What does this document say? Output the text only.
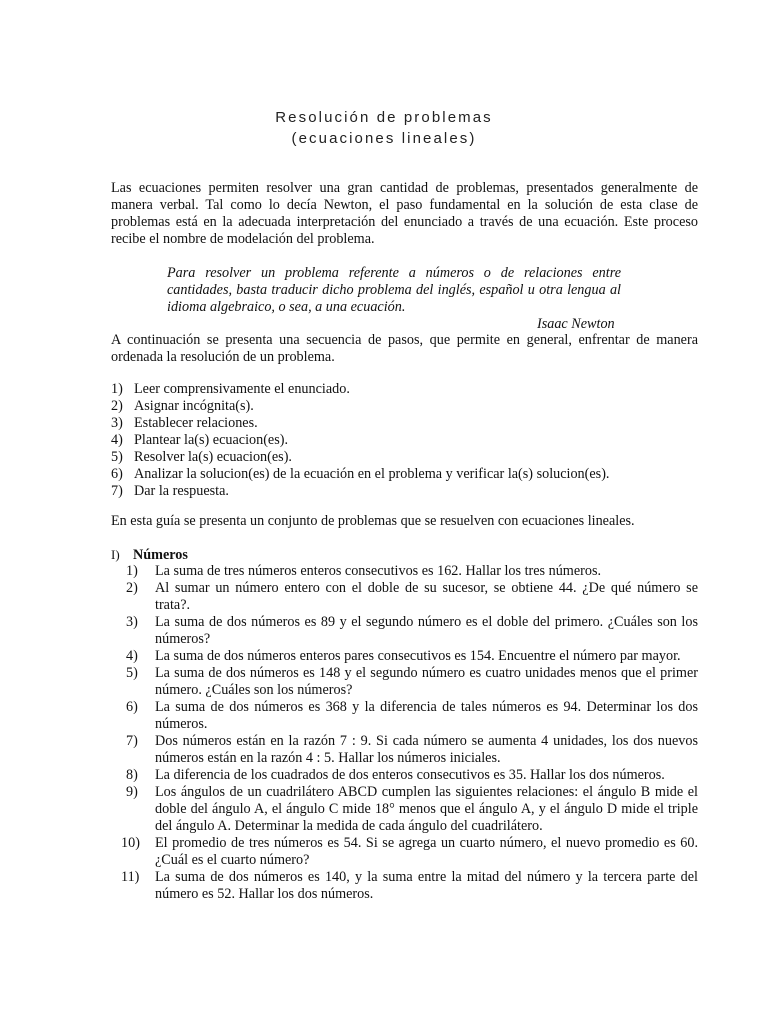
Resolución de problemas
(ecuaciones lineales)

Las ecuaciones permiten resolver una gran cantidad de problemas, presentados generalmente de manera verbal. Tal como lo decía Newton, el paso fundamental en la solución de esta clase de problemas está en la adecuada interpretación del enunciado a través de una ecuación. Este proceso recibe el nombre de modelación del problema.

Para resolver un problema referente a números o de relaciones entre cantidades, basta traducir dicho problema del inglés, español u otra lengua al idioma algebraico, o sea, a una ecuación.

Isaac Newton

A continuación se presenta una secuencia de pasos, que permite en general, enfrentar de manera ordenada la resolución de un problema.

1) Leer comprensivamente el enunciado.
2) Asignar incógnita(s).
3) Establecer relaciones.
4) Plantear la(s) ecuacion(es).
5) Resolver la(s) ecuacion(es).
6) Analizar la solucion(es) de la ecuación en el problema y verificar la(s) solucion(es).
7) Dar la respuesta.

En esta guía se presenta un conjunto de problemas que se resuelven con ecuaciones lineales.

I) Números
1) La suma de tres números enteros consecutivos es 162. Hallar los tres números.
2) Al sumar un número entero con el doble de su sucesor, se obtiene 44. ¿De qué número se trata?.
3) La suma de dos números es 89 y el segundo número es el doble del primero. ¿Cuáles son los números?
4) La suma de dos números enteros pares consecutivos es 154. Encuentre el número par mayor.
5) La suma de dos números es 148 y el segundo número es cuatro unidades menos que el primer número. ¿Cuáles son los números?
6) La suma de dos números es 368 y la diferencia de tales números es 94. Determinar los dos números.
7) Dos números están en la razón 7 : 9. Si cada número se aumenta 4 unidades, los dos nuevos números están en la razón 4 : 5. Hallar los números iniciales.
8) La diferencia de los cuadrados de dos enteros consecutivos es 35. Hallar los dos números.
9) Los ángulos de un cuadrilátero ABCD cumplen las siguientes relaciones: el ángulo B mide el doble del ángulo A, el ángulo C mide 18° menos que el ángulo A, y el ángulo D mide el triple del ángulo A. Determinar la medida de cada ángulo del cuadrilátero.
10) El promedio de tres números es 54. Si se agrega un cuarto número, el nuevo promedio es 60. ¿Cuál es el cuarto número?
11) La suma de dos números es 140, y la suma entre la mitad del número y la tercera parte del número es 52. Hallar los dos números.
